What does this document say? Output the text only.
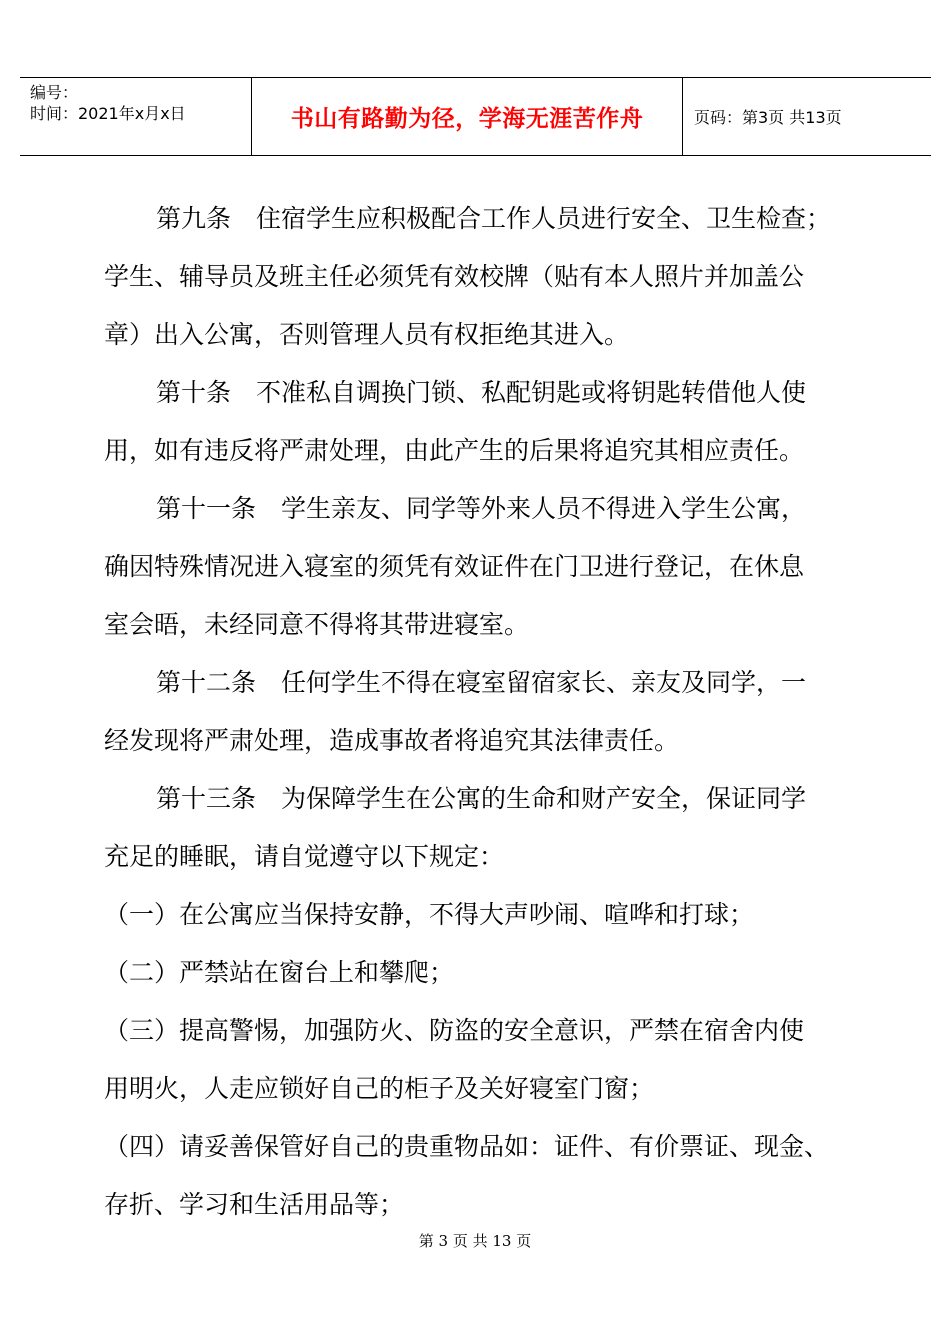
编号：
时间：2021年x月x日	书山有路勤为径，学海无涯苦作舟	页码：第3页 共13页
第九条　住宿学生应积极配合工作人员进行安全、卫生检查；
学生、辅导员及班主任必须凭有效校牌（贴有本人照片并加盖公
章）出入公寓，否则管理人员有权拒绝其进入。
第十条　不准私自调换门锁、私配钥匙或将钥匙转借他人使
用，如有违反将严肃处理，由此产生的后果将追究其相应责任。
第十一条　学生亲友、同学等外来人员不得进入学生公寓，
确因特殊情况进入寝室的须凭有效证件在门卫进行登记，在休息
室会晤，未经同意不得将其带进寝室。
第十二条　任何学生不得在寝室留宿家长、亲友及同学，一
经发现将严肃处理，造成事故者将追究其法律责任。
第十三条　为保障学生在公寓的生命和财产安全，保证同学
充足的睡眠，请自觉遵守以下规定：
（一）在公寓应当保持安静，不得大声吵闹、喧哗和打球；
（二）严禁站在窗台上和攀爬；
（三）提高警惕，加强防火、防盗的安全意识，严禁在宿舍内使
用明火，人走应锁好自己的柜子及关好寝室门窗；
（四）请妥善保管好自己的贵重物品如：证件、有价票证、现金、
存折、学习和生活用品等；
第 3 页 共 13 页
